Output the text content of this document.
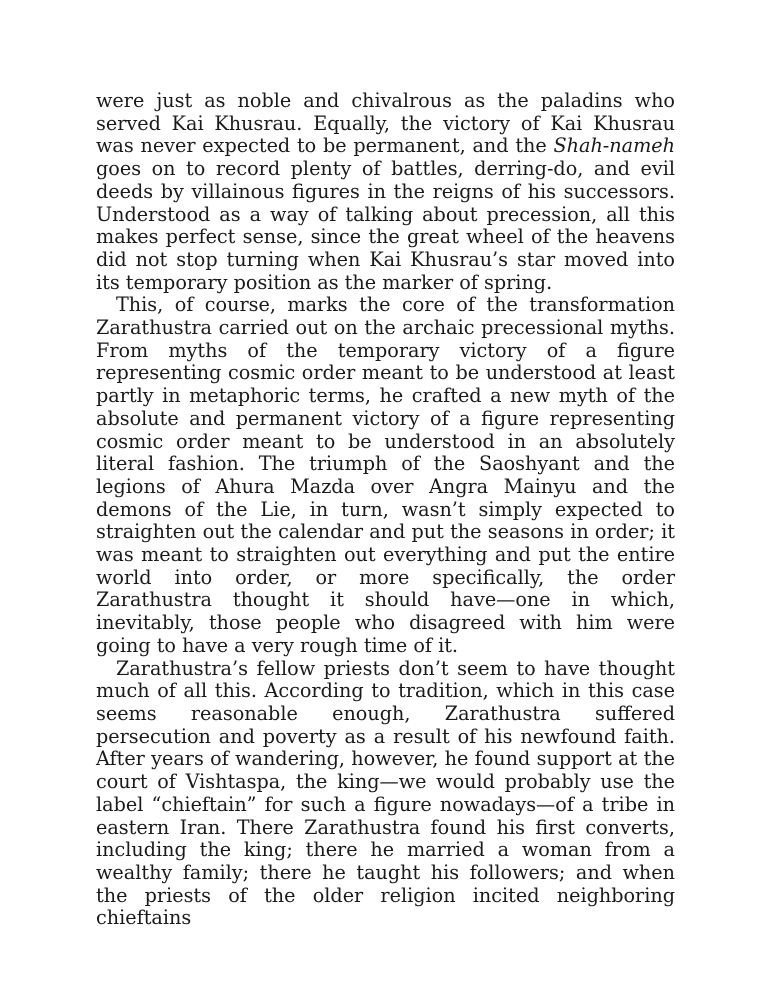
were just as noble and chivalrous as the paladins who served Kai Khusrau. Equally, the victory of Kai Khusrau was never expected to be permanent, and the Shah-nameh goes on to record plenty of battles, derring-do, and evil deeds by villainous figures in the reigns of his successors. Understood as a way of talking about precession, all this makes perfect sense, since the great wheel of the heavens did not stop turning when Kai Khusrau’s star moved into its temporary position as the marker of spring.

This, of course, marks the core of the transformation Zarathustra carried out on the archaic precessional myths. From myths of the temporary victory of a figure representing cosmic order meant to be understood at least partly in metaphoric terms, he crafted a new myth of the absolute and permanent victory of a figure representing cosmic order meant to be understood in an absolutely literal fashion. The triumph of the Saoshyant and the legions of Ahura Mazda over Angra Mainyu and the demons of the Lie, in turn, wasn’t simply expected to straighten out the calendar and put the seasons in order; it was meant to straighten out everything and put the entire world into order, or more specifically, the order Zarathustra thought it should have—one in which, inevitably, those people who disagreed with him were going to have a very rough time of it.

Zarathustra’s fellow priests don’t seem to have thought much of all this. According to tradition, which in this case seems reasonable enough, Zarathustra suffered persecution and poverty as a result of his newfound faith. After years of wandering, however, he found support at the court of Vishtaspa, the king—we would probably use the label “chieftain” for such a figure nowadays—of a tribe in eastern Iran. There Zarathustra found his first converts, including the king; there he married a woman from a wealthy family; there he taught his followers; and when the priests of the older religion incited neighboring chieftains
